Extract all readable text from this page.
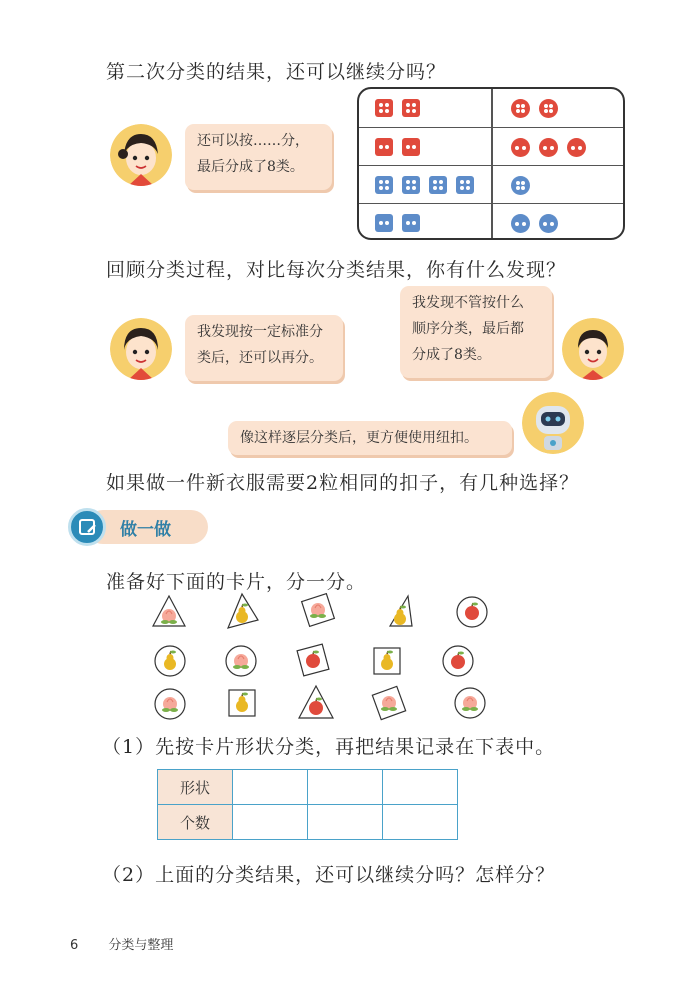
第二次分类的结果，还可以继续分吗？
还可以按……分，
最后分成了8类。
回顾分类过程，对比每次分类结果，你有什么发现？
我发现按一定标准分
类后，还可以再分。
我发现不管按什么
顺序分类，最后都
分成了8类。
像这样逐层分类后，更方便使用纽扣。
如果做一件新衣服需要2粒相同的扣子，有几种选择？
做一做
准备好下面的卡片，分一分。
（1）先按卡片形状分类，再把结果记录在下表中。
形状			
个数			
（2）上面的分类结果，还可以继续分吗？怎样分？
6 分类与整理
